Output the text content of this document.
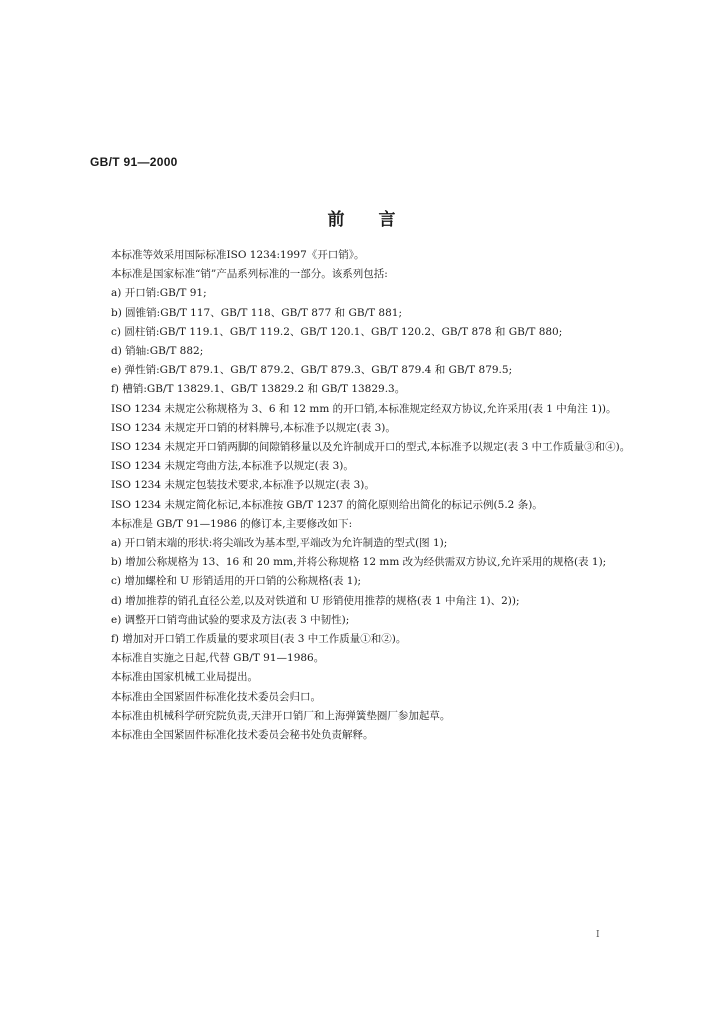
GB/T 91—2000
前言

本标准等效采用国际标准ISO 1234:1997《开口销》。

本标准是国家标准“销”产品系列标准的一部分。该系列包括:

a) 开口销:GB/T 91;

b) 圆锥销:GB/T 117、GB/T 118、GB/T 877 和 GB/T 881;

c) 圆柱销:GB/T 119.1、GB/T 119.2、GB/T 120.1、GB/T 120.2、GB/T 878 和 GB/T 880;

d) 销轴:GB/T 882;

e) 弹性销:GB/T 879.1、GB/T 879.2、GB/T 879.3、GB/T 879.4 和 GB/T 879.5;

f) 槽销:GB/T 13829.1、GB/T 13829.2 和 GB/T 13829.3。

ISO 1234 未规定公称规格为 3、6 和 12 mm 的开口销,本标准规定经双方协议,允许采用(表 1 中角注 1))。

ISO 1234 未规定开口销的材料牌号,本标准予以规定(表 3)。

ISO 1234 未规定开口销两脚的间隙销移量以及允许制成开口的型式,本标准予以规定(表 3 中工作质量③和④)。

ISO 1234 未规定弯曲方法,本标准予以规定(表 3)。

ISO 1234 未规定包装技术要求,本标准予以规定(表 3)。

ISO 1234 未规定简化标记,本标准按 GB/T 1237 的简化原则给出简化的标记示例(5.2 条)。

本标准是 GB/T 91—1986 的修订本,主要修改如下:

a) 开口销末端的形状:将尖端改为基本型,平端改为允许制造的型式(图 1);

b) 增加公称规格为 13、16 和 20 mm,并将公称规格 12 mm 改为经供需双方协议,允许采用的规格(表 1);

c) 增加螺栓和 U 形销适用的开口销的公称规格(表 1);

d) 增加推荐的销孔直径公差,以及对铁道和 U 形销使用推荐的规格(表 1 中角注 1)、2));

e) 调整开口销弯曲试验的要求及方法(表 3 中韧性);

f) 增加对开口销工作质量的要求项目(表 3 中工作质量①和②)。

本标准自实施之日起,代替 GB/T 91—1986。

本标准由国家机械工业局提出。

本标准由全国紧固件标准化技术委员会归口。

本标准由机械科学研究院负责,天津开口销厂和上海弹簧垫圈厂参加起草。

本标准由全国紧固件标准化技术委员会秘书处负责解释。

I
